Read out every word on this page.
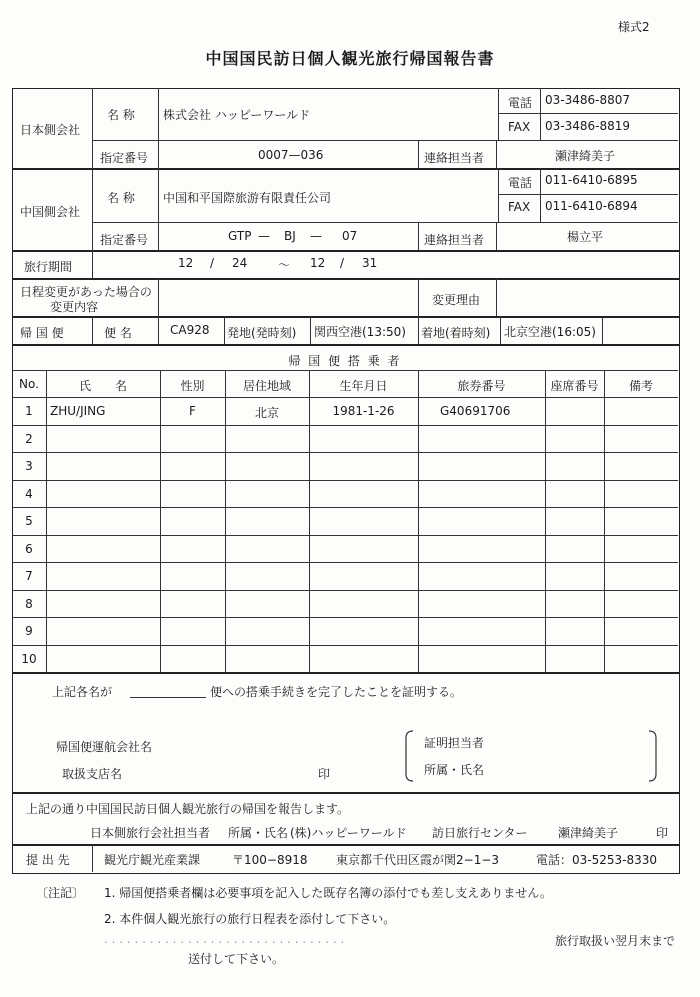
様式2
中国国民訪日個人観光旅行帰国報告書
日本側会社
名 称 株式会社 ハッピーワールド
電話 03-3486-8807
FAX 03-3486-8819
指定番号	0007—036	連絡担当者	瀬津綺美子
中国側会社
名 称 中国和平国際旅游有限責任公司
電話 011-6410-6895
FAX 011-6410-6894
指定番号	GTP — BJ — 07	連絡担当者	楊立平
旅行期間	12 / 24	〜 12 / 31
日程変更があった場合の
変更内容	変更理由
帰 国 便	便 名	CA928 発地(発時刻) 関西空港(13:50) 着地(着時刻) 北京空港(16:05)
帰 国 便 搭 乗 者
No.	氏　　名	性別	居住地域	生年月日	旅券番号	座席番号	備考
1	ZHU/JING	F	北京	1981-1-26	G40691706
2
3
4
5
6
7
8
9
10
上記各名が	便への搭乗手続きを完了したことを証明する。
帰国便運航会社名
取扱支店名	印
証明担当者
所属・氏名
上記の通り中国国民訪日個人観光旅行の帰国を報告します。
日本側旅行会社担当者 所属・氏名 (株)ハッピーワールド 訪日旅行センター	瀬津綺美子	印
提 出 先	観光庁観光産業課	〒100−8918 東京都千代田区霞が関2−1−3	電話：03-5253-8330
〔注記〕 1. 帰国便搭乗者欄は必要事項を記入した既存名簿の添付でも差し支えありません。
2. 本件個人観光旅行の旅行日程表を添付して下さい。
. . . . . . . . . . . . . . . . . . . . . . . . . . . . . . . .	旅行取扱い翌月末まで
送付して下さい。
